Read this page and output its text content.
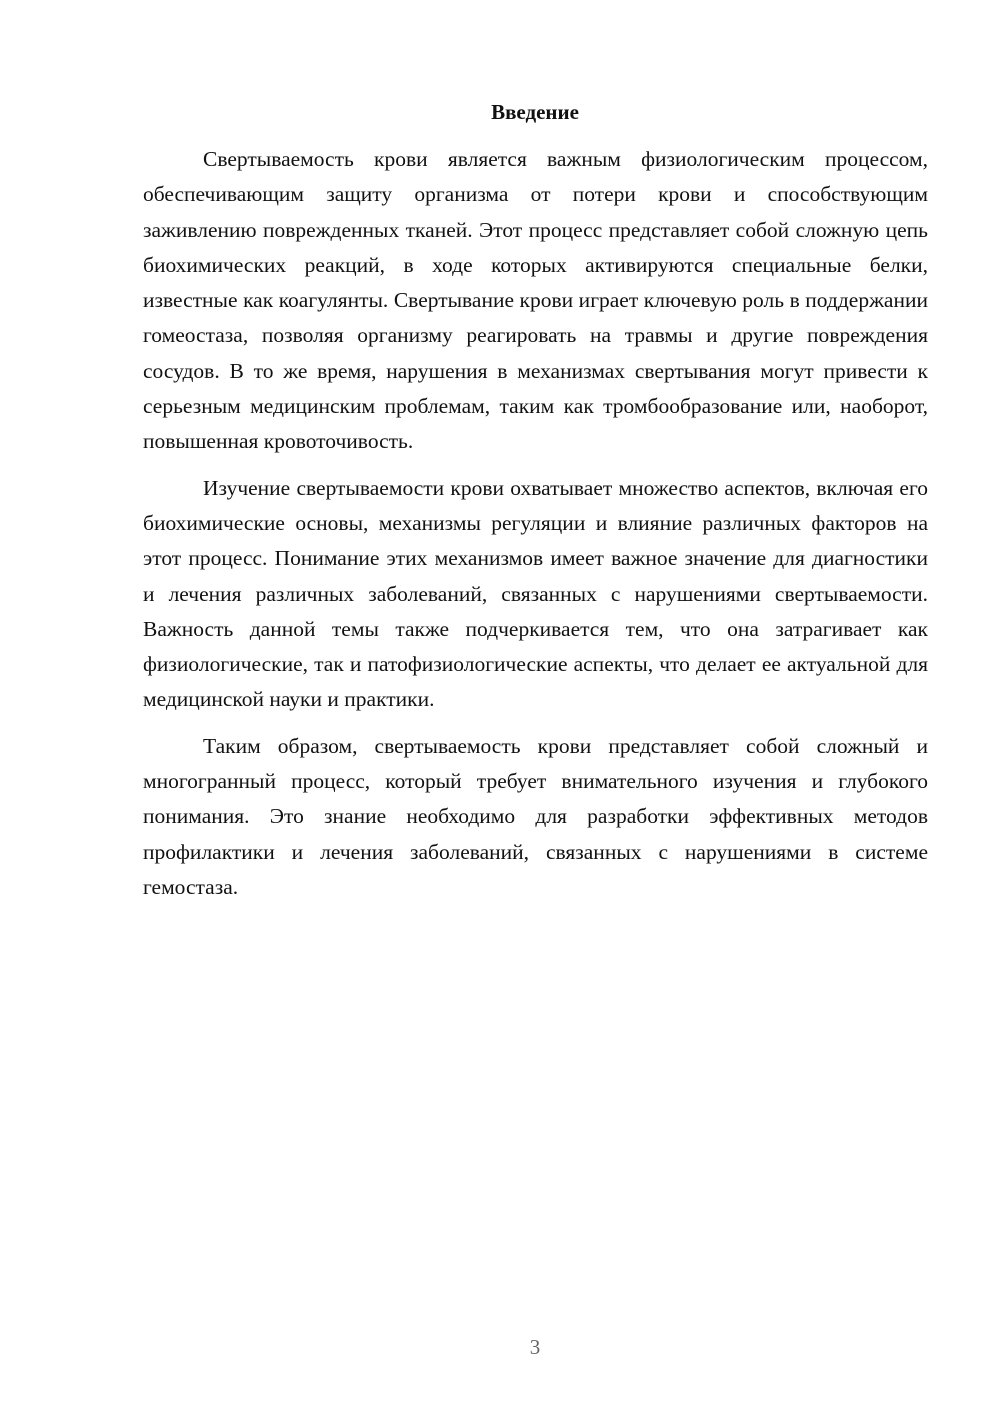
Введение

Свертываемость крови является важным физиологическим процессом, обеспечивающим защиту организма от потери крови и способствующим заживлению поврежденных тканей. Этот процесс представляет собой сложную цепь биохимических реакций, в ходе которых активируются специальные белки, известные как коагулянты. Свертывание крови играет ключевую роль в поддержании гомеостаза, позволяя организму реагировать на травмы и другие повреждения сосудов. В то же время, нарушения в механизмах свертывания могут привести к серьезным медицинским проблемам, таким как тромбообразование или, наоборот, повышенная кровоточивость.

Изучение свертываемости крови охватывает множество аспектов, включая его биохимические основы, механизмы регуляции и влияние различных факторов на этот процесс. Понимание этих механизмов имеет важное значение для диагностики и лечения различных заболеваний, связанных с нарушениями свертываемости. Важность данной темы также подчеркивается тем, что она затрагивает как физиологические, так и патофизиологические аспекты, что делает ее актуальной для медицинской науки и практики.

Таким образом, свертываемость крови представляет собой сложный и многогранный процесс, который требует внимательного изучения и глубокого понимания. Это знание необходимо для разработки эффективных методов профилактики и лечения заболеваний, связанных с нарушениями в системе гемостаза.

3
